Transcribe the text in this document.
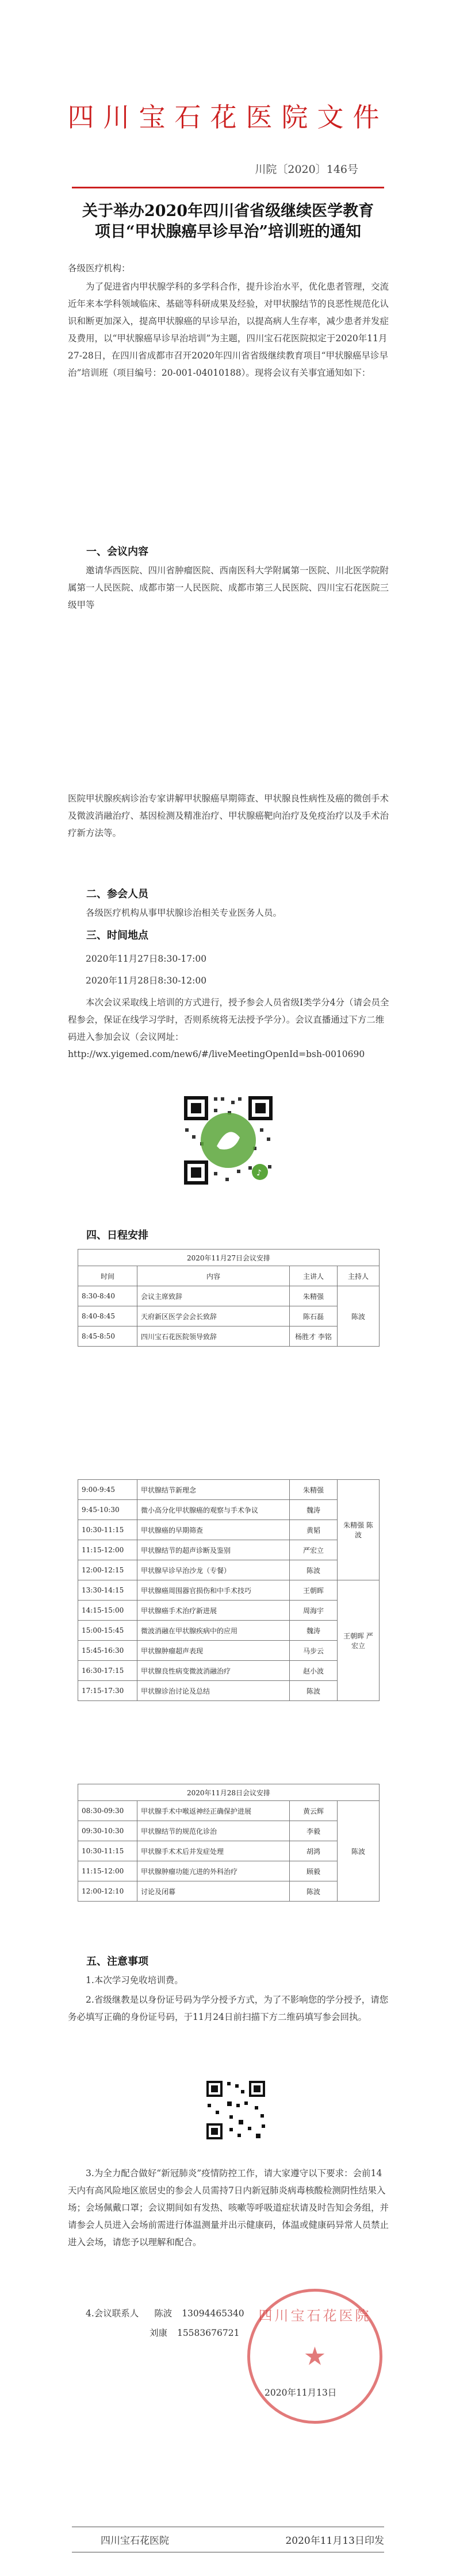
四川宝石花医院文件
川院〔2020〕146号
关于举办2020年四川省省级继续医学教育
项目“甲状腺癌早诊早治”培训班的通知

各级医疗机构：

为了促进省内甲状腺学科的多学科合作，提升诊治水平，优化患者管理，交流近年来本学科领域临床、基础等科研成果及经验，对甲状腺结节的良恶性规范化认识和断更加深入，提高甲状腺癌的早诊早治，以提高病人生存率，减少患者并发症及费用，以“甲状腺癌早诊早治培训”为主题，四川宝石花医院拟定于2020年11月27-28日，在四川省成都市召开2020年四川省省级继续教育项目“甲状腺癌早诊早治”培训班（项目编号：20-001-04010188）。现将会议有关事宜通知如下：

一、会议内容

邀请华西医院、四川省肿瘤医院、西南医科大学附属第一医院、川北医学院附属第一人民医院、成都市第一人民医院、成都市第三人民医院、四川宝石花医院三级甲等

医院甲状腺疾病诊治专家讲解甲状腺癌早期筛查、甲状腺良性病性及癌的微创手术及微波消融治疗、基因检测及精准治疗、甲状腺癌靶向治疗及免疫治疗以及手术治疗新方法等。

二、参会人员

各级医疗机构从事甲状腺诊治相关专业医务人员。

三、时间地点

2020年11月27日8:30-17:00

2020年11月28日8:30-12:00

本次会议采取线上培训的方式进行，授予参会人员省级Ⅰ类学分4分（请会员全程参会，保证在线学习学时，否则系统将无法授予学分）。会议直播通过下方二维码进入参加会议（会议网址：http://wx.yigemed.com/new6/#/liveMeetingOpenId=bsh-0010690

♪
四、日程安排
2020年11月27日会议安排			
时间	内容	主讲人	主持人
8:30-8:40	会议主席致辞	朱精强	陈波
8:40-8:45	天府新区医学会会长致辞	陈石磊	
8:45-8:50	四川宝石花医院领导致辞	杨胜才 李铭	
9:00-9:45	甲状腺结节新理念	朱精强	朱精强 陈波
9:45-10:30	微小高分化甲状腺癌的观察与手术争议	魏涛	
10:30-11:15	甲状腺癌的早期筛查	黄韬	
11:15-12:00	甲状腺结节的超声诊断及鉴别	严宏立	
12:00-12:15	甲状腺早诊早治沙龙（专餐）	陈波	
13:30-14:15	甲状腺癌周围器官损伤和中手术技巧	王朝晖	王朝晖 严宏立
14:15-15:00	甲状腺癌手术治疗新进展	周海宇	
15:00-15:45	微波消融在甲状腺疾病中的应用	魏涛	
15:45-16:30	甲状腺肿瘤超声表现	马步云	
16:30-17:15	甲状腺良性病变微波消融治疗	赵小波	
17:15-17:30	甲状腺诊治讨论及总结	陈波	
2020年11月28日会议安排			
08:30-09:30	甲状腺手术中喉返神经正确保护进展	黄云辉	陈波
09:30-10:30	甲状腺结节的规范化诊治	李毅	
10:30-11:15	甲状腺手术术后并发症处理	胡鸿	
11:15-12:00	甲状腺肿瘤功能亢进的外科治疗	顾毅	
12:00-12:10	讨论及闭幕	陈波	
五、注意事项

1.本次学习免收培训费。

2.省级继教是以身份证号码为学分授予方式，为了不影响您的学分授予，请您务必填写正确的身份证号码，于11月24日前扫描下方二维码填写参会回执。

3.为全力配合做好“新冠肺炎”疫情防控工作，请大家遵守以下要求：会前14天内有高风险地区旅居史的参会人员需持7日内新冠肺炎病毒核酸检测阴性结果入场；会场佩戴口罩；会议期间如有发热、咳嗽等呼吸道症状请及时告知会务组，并请参会人员进入会场前需进行体温测量并出示健康码，体温或健康码异常人员禁止进入会场，请您予以理解和配合。

4.会议联系人 陈波 13094465340

刘康 15583676721

四川宝石花医院
★

2020年11月13日

四川宝石花医院	2020年11月13日印发
